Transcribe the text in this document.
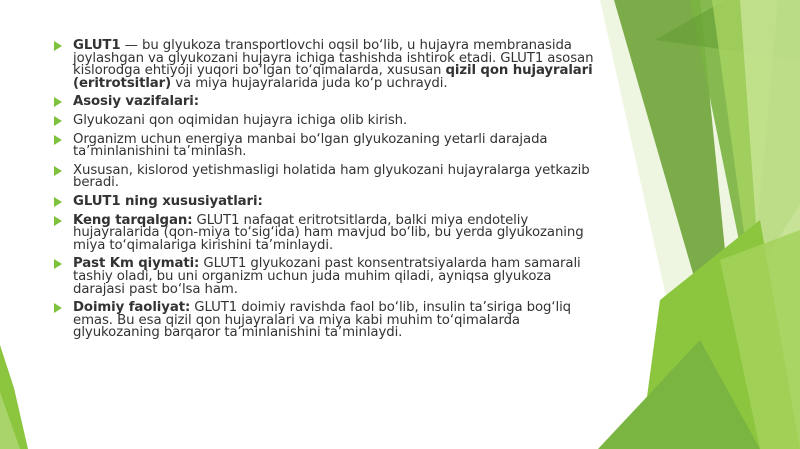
GLUT1 — bu glyukoza transportlovchi oqsil bo‘lib, u hujayra membranasida joylashgan va glyukozani hujayra ichiga tashishda ishtirok etadi. GLUT1 asosan kislorodga ehtiyoji yuqori bo‘lgan to‘qimalarda, xususan qizil qon hujayralari (eritrotsitlar) va miya hujayralarida juda ko‘p uchraydi.
Asosiy vazifalari:
Glyukozani qon oqimidan hujayra ichiga olib kirish.
Organizm uchun energiya manbai bo‘lgan glyukozaning yetarli darajada ta’minlanishini ta’minlash.
Xususan, kislorod yetishmasligi holatida ham glyukozani hujayralarga yetkazib beradi.
GLUT1 ning xususiyatlari:
Keng tarqalgan: GLUT1 nafaqat eritrotsitlarda, balki miya endoteliy hujayralarida (qon-miya to‘sig‘ida) ham mavjud bo‘lib, bu yerda glyukozaning miya to‘qimalariga kirishini ta’minlaydi.
Past Km qiymati: GLUT1 glyukozani past konsentratsiyalarda ham samarali tashiy oladi, bu uni organizm uchun juda muhim qiladi, ayniqsa glyukoza darajasi past bo‘lsa ham.
Doimiy faoliyat: GLUT1 doimiy ravishda faol bo‘lib, insulin ta’siriga bog‘liq emas. Bu esa qizil qon hujayralari va miya kabi muhim to‘qimalarda glyukozaning barqaror ta’minlanishini ta’minlaydi.
